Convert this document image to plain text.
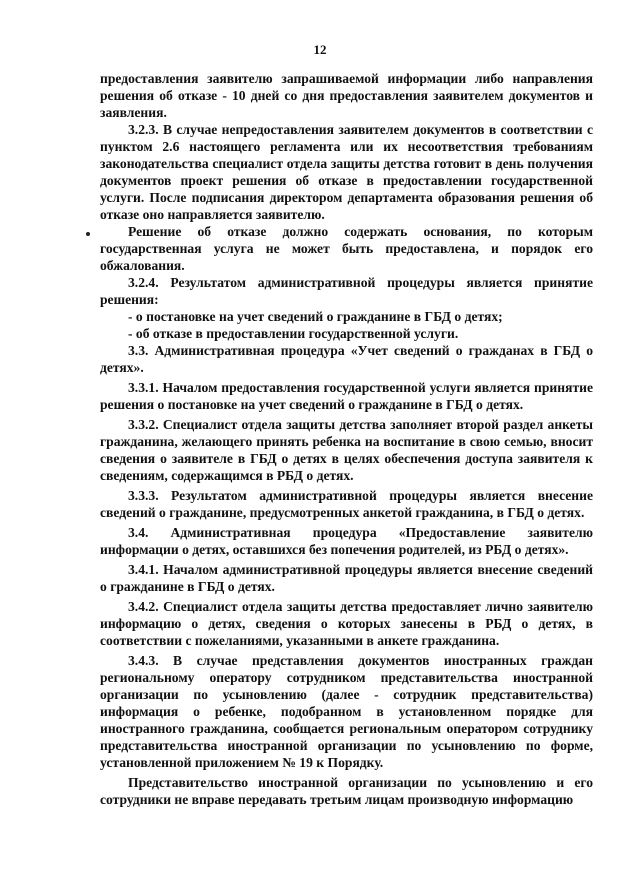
12

предоставления заявителю запрашиваемой информации либо направления решения об отказе - 10 дней со дня предоставления заявителем документов и заявления.

3.2.3. В случае непредоставления заявителем документов в соответствии с пунктом 2.6 настоящего регламента или их несоответствия требованиям законодательства специалист отдела защиты детства готовит в день получения документов проект решения об отказе в предоставлении государственной услуги. После подписания директором департамента образования решения об отказе оно направляется заявителю.

Решение об отказе должно содержать основания, по которым государственная услуга не может быть предоставлена, и порядок его обжалования.

3.2.4. Результатом административной процедуры является принятие решения:

- о постановке на учет сведений о гражданине в ГБД о детях;

- об отказе в предоставлении государственной услуги.

3.3. Административная процедура «Учет сведений о гражданах в ГБД о детях».

3.3.1. Началом предоставления государственной услуги является принятие решения о постановке на учет сведений о гражданине в ГБД о детях.

3.3.2. Специалист отдела защиты детства заполняет второй раздел анкеты гражданина, желающего принять ребенка на воспитание в свою семью, вносит сведения о заявителе в ГБД о детях в целях обеспечения доступа заявителя к сведениям, содержащимся в РБД о детях.

3.3.3. Результатом административной процедуры является внесение сведений о гражданине, предусмотренных анкетой гражданина, в ГБД о детях.

3.4. Административная процедура «Предоставление заявителю информации о детях, оставшихся без попечения родителей, из РБД о детях».

3.4.1. Началом административной процедуры является внесение сведений о гражданине в ГБД о детях.

3.4.2. Специалист отдела защиты детства предоставляет лично заявителю информацию о детях, сведения о которых занесены в РБД о детях, в соответствии с пожеланиями, указанными в анкете гражданина.

3.4.3. В случае представления документов иностранных граждан региональному оператору сотрудником представительства иностранной организации по усыновлению (далее - сотрудник представительства) информация о ребенке, подобранном в установленном порядке для иностранного гражданина, сообщается региональным оператором сотруднику представительства иностранной организации по усыновлению по форме, установленной приложением № 19 к Порядку.

Представительство иностранной организации по усыновлению и его сотрудники не вправе передавать третьим лицам производную информацию
